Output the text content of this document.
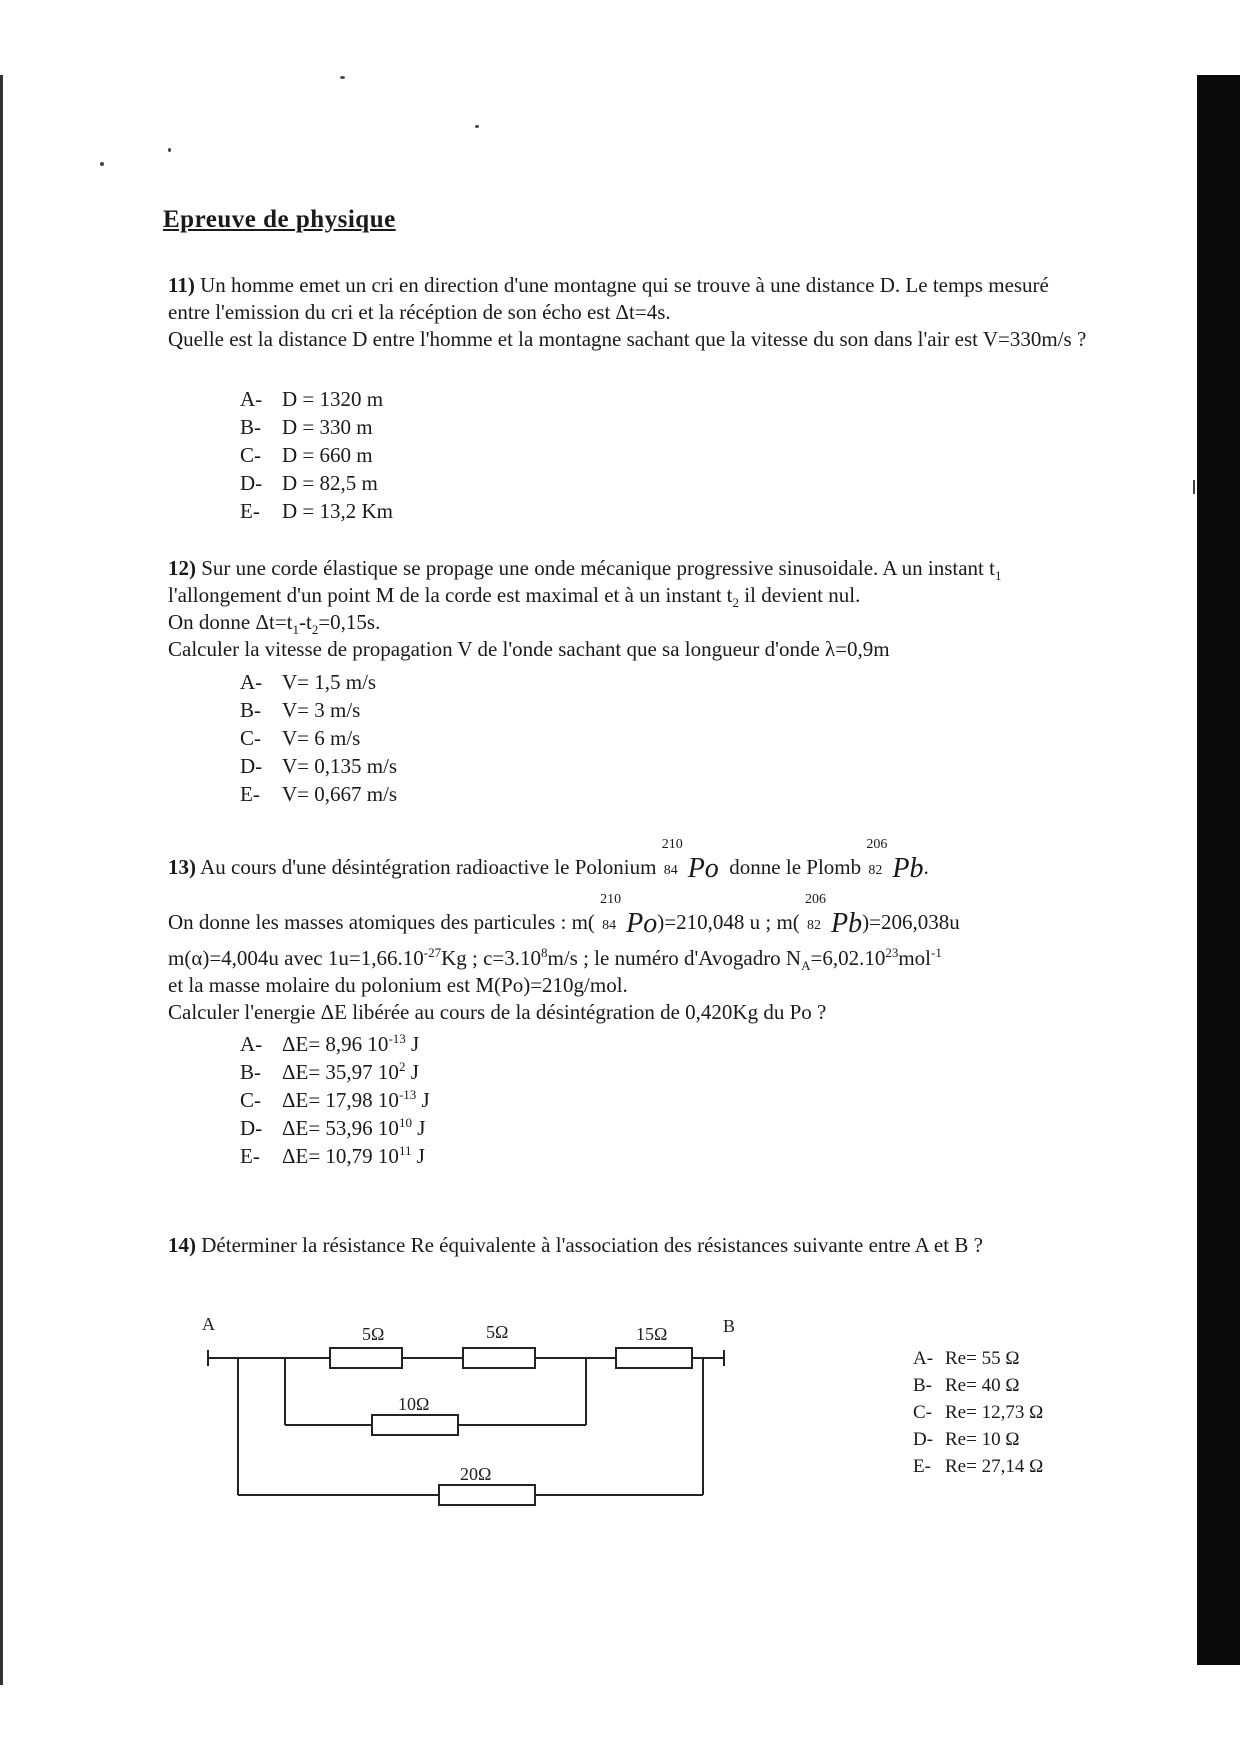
Epreuve de physique
11) Un homme emet un cri en direction d'une montagne qui se trouve à une distance D. Le temps mesuré entre l'emission du cri et la récéption de son écho est Δt=4s.
Quelle est la distance D entre l'homme et la montagne sachant que la vitesse du son dans l'air est V=330m/s ?
A- D = 1320 m
B- D = 330 m
C- D = 660 m
D- D = 82,5 m
E- D = 13,2 Km
12) Sur une corde élastique se propage une onde mécanique progressive sinusoidale. A un instant $t_1$ l'allongement d'un point M de la corde est maximal et à un instant $t_2$ il devient nul.
On donne $\Delta t=t_1-t_2=0,15s$.
Calculer la vitesse de propagation V de l'onde sachant que sa longueur d'onde λ=0,9m
A- V= 1,5 m/s
B- V= 3 m/s
C- V= 6 m/s
D- V= 0,135 m/s
E- V= 0,667 m/s
13) Au cours d'une désintégration radioactive le Polonium
210
84 Po donne le Plomb
206
82 Pb.
On donne les masses atomiques des particules : m(
210
84 Po)=210,048 u ; m(
206
82 Pb)=206,038u
m(α)=4,004u avec $1u=1,66.10^{-27}Kg$ ; $c=3.10^8m/s$ ; le numéro d'Avogadro $N_A=6,02.10^{23}mol^{-1}$
et la masse molaire du polonium est M(Po)=210g/mol.
Calculer l'energie ΔE libérée au cours de la désintégration de 0,420Kg du Po ?
A- ΔE= 8,96 $10^{-13}$ J
B- ΔE= 35,97 $10^2$ J
C- ΔE= 17,98 $10^{-13}$ J
D- ΔE= 53,96 $10^{10}$ J
E- ΔE= 10,79 $10^{11}$ J
14) Déterminer la résistance Re équivalente à l'association des résistances suivante entre A et B ?
A	B
5Ω	5Ω	15Ω
10Ω
20Ω
A- Re= 55 Ω
B- Re= 40 Ω
C- Re= 12,73 Ω
D- Re= 10 Ω
E- Re= 27,14 Ω
